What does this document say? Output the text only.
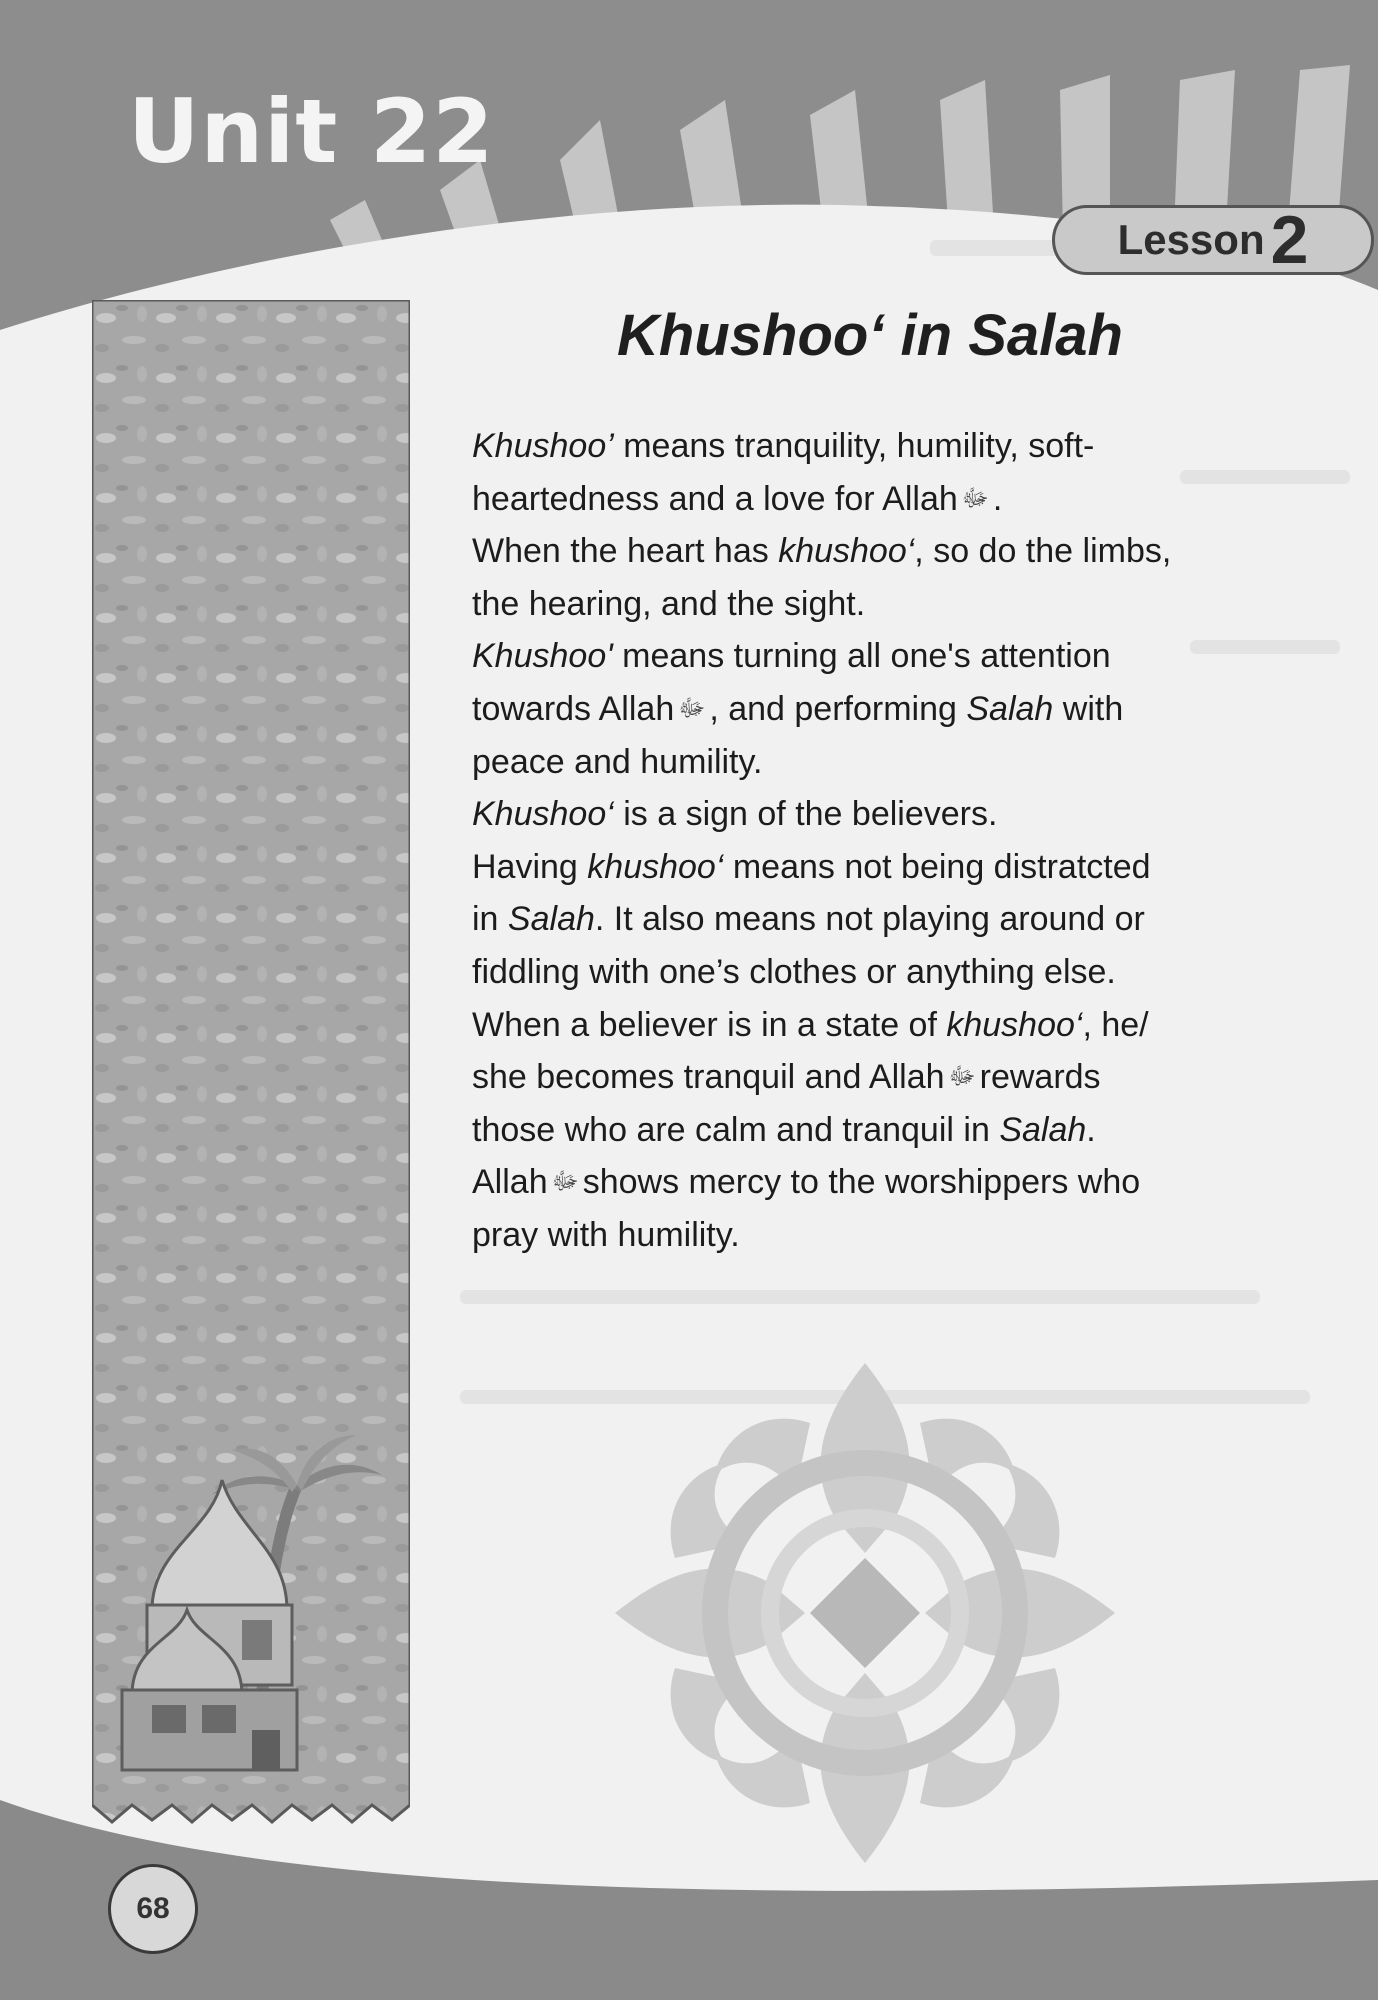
Unit 22
Lesson 2
Khushoo‘ in Salah
Khushoo’ means tranquility, humility, soft-
heartedness and a love for Allah ﷻ .
When the heart has khushoo‘, so do the limbs,
the hearing, and the sight.
Khushoo' means turning all one's attention
towards Allah ﷻ , and performing Salah with
peace and humility.
Khushoo‘ is a sign of the believers.
Having khushoo‘ means not being distratcted
in Salah. It also means not playing around or
fiddling with one’s clothes or anything else.
When a believer is in a state of khushoo‘, he/
she becomes tranquil and Allah ﷻ rewards
those who are calm and tranquil in Salah.
Allah ﷻ shows mercy to the worshippers who
pray with humility.
68
